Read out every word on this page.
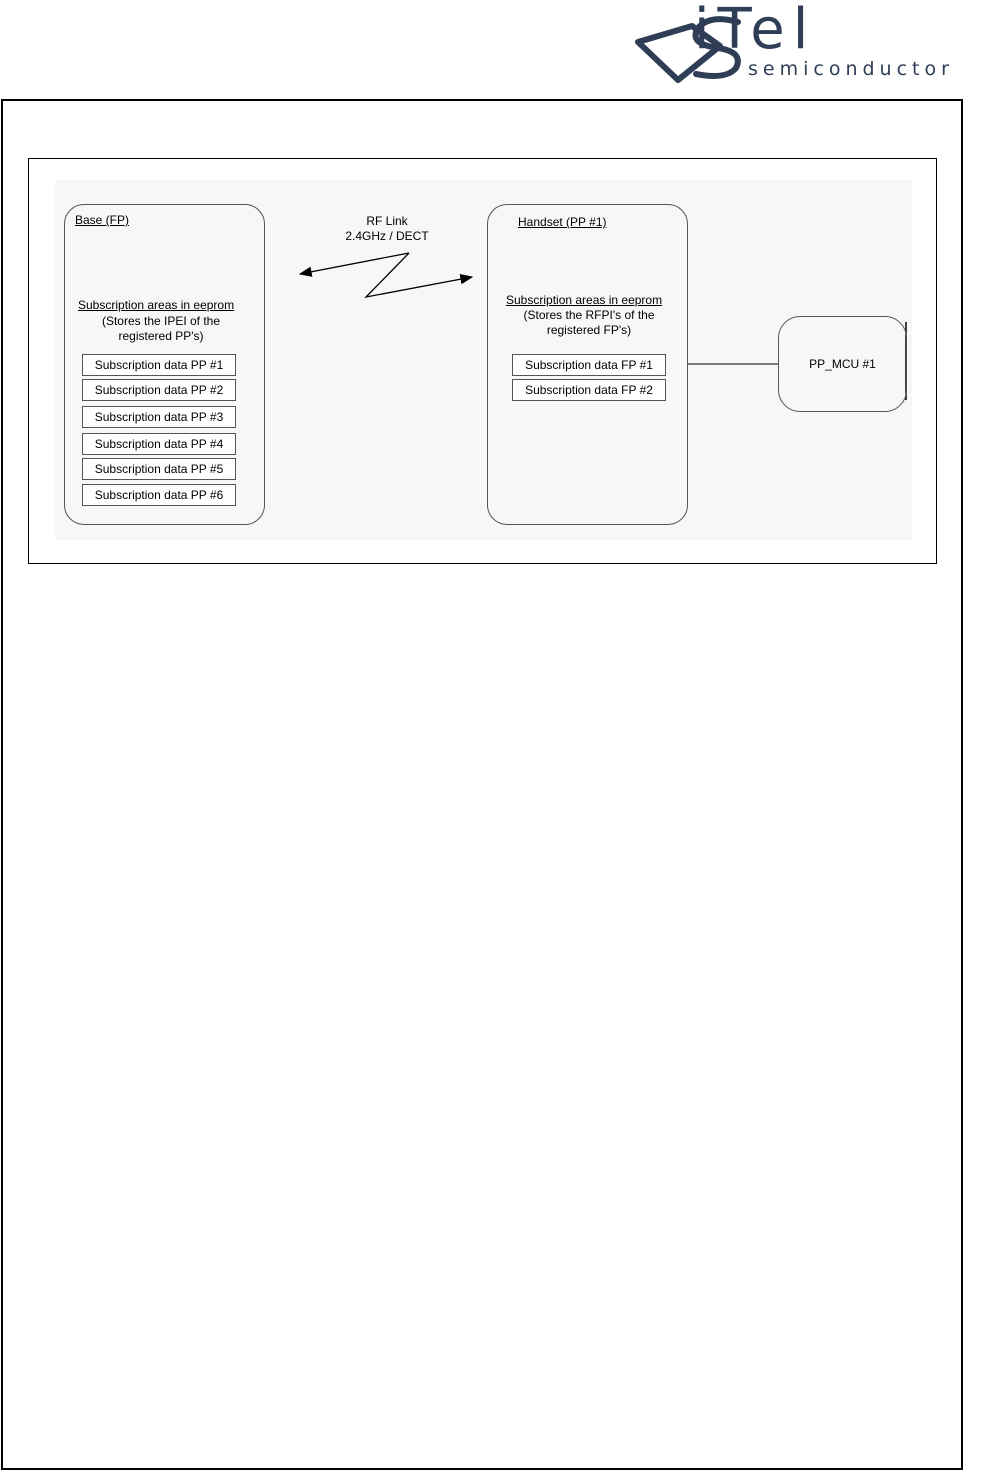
iTel
semiconductor
Base (FP)
Subscription areas in eeprom
(Stores the IPEI of the
registered PP's)
Subscription data PP #1
Subscription data PP #2
Subscription data PP #3
Subscription data PP #4
Subscription data PP #5
Subscription data PP #6
RF Link
2.4GHz / DECT
Handset (PP #1)
Subscription areas in eeprom
(Stores the RFPI's of the
registered FP's)
Subscription data FP #1
Subscription data FP #2
PP_MCU #1
